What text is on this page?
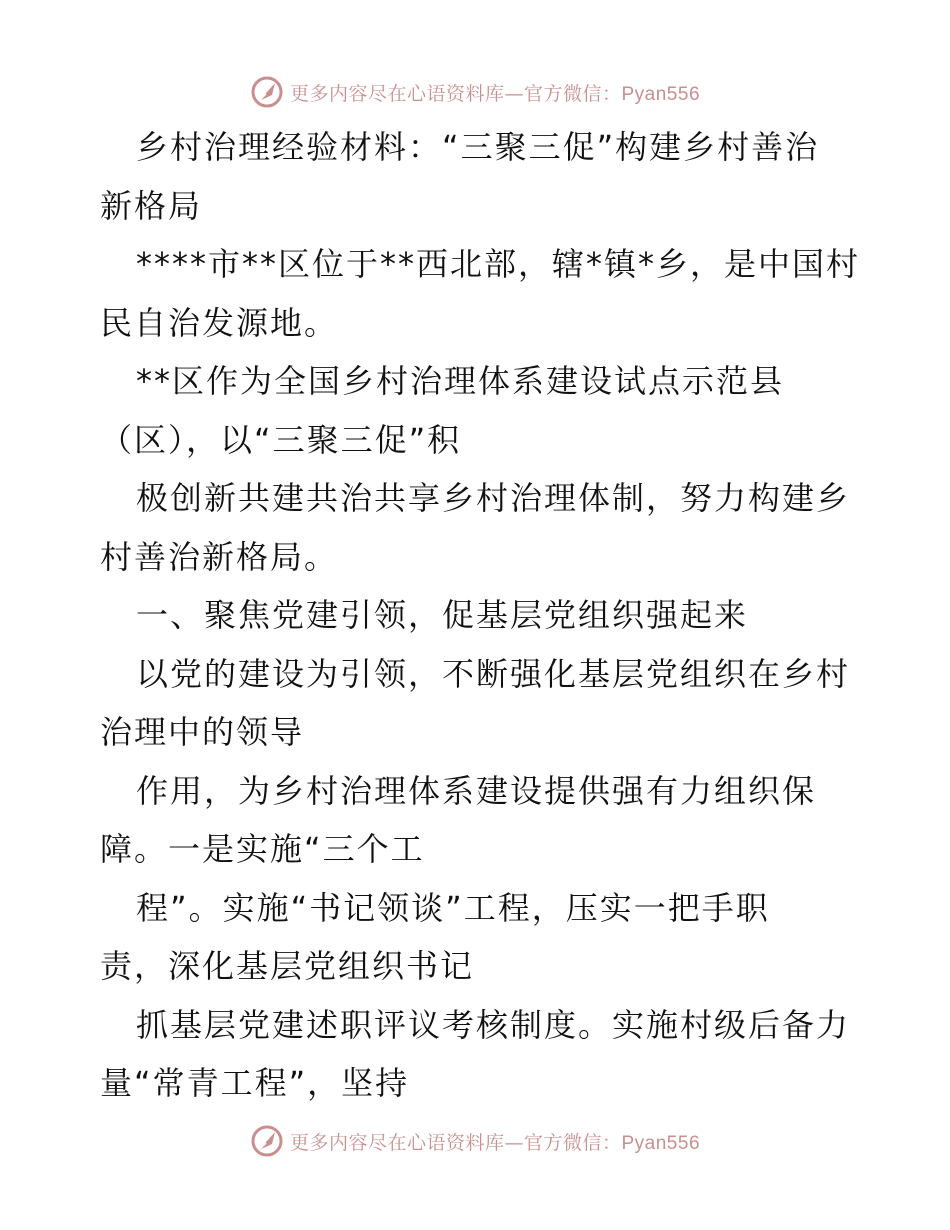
更多内容尽在心语资料库—官方微信：Pyan556
乡村治理经验材料：“三聚三促”构建乡村善治
新格局
****市**区位于**西北部，辖*镇*乡，是中国村
民自治发源地。
**区作为全国乡村治理体系建设试点示范县
（区），以“三聚三促”积
极创新共建共治共享乡村治理体制，努力构建乡
村善治新格局。
一、聚焦党建引领，促基层党组织强起来
以党的建设为引领，不断强化基层党组织在乡村
治理中的领导
作用，为乡村治理体系建设提供强有力组织保
障。一是实施“三个工
程”。实施“书记领谈”工程，压实一把手职
责，深化基层党组织书记
抓基层党建述职评议考核制度。实施村级后备力
量“常青工程”，坚持
更多内容尽在心语资料库—官方微信：Pyan556
